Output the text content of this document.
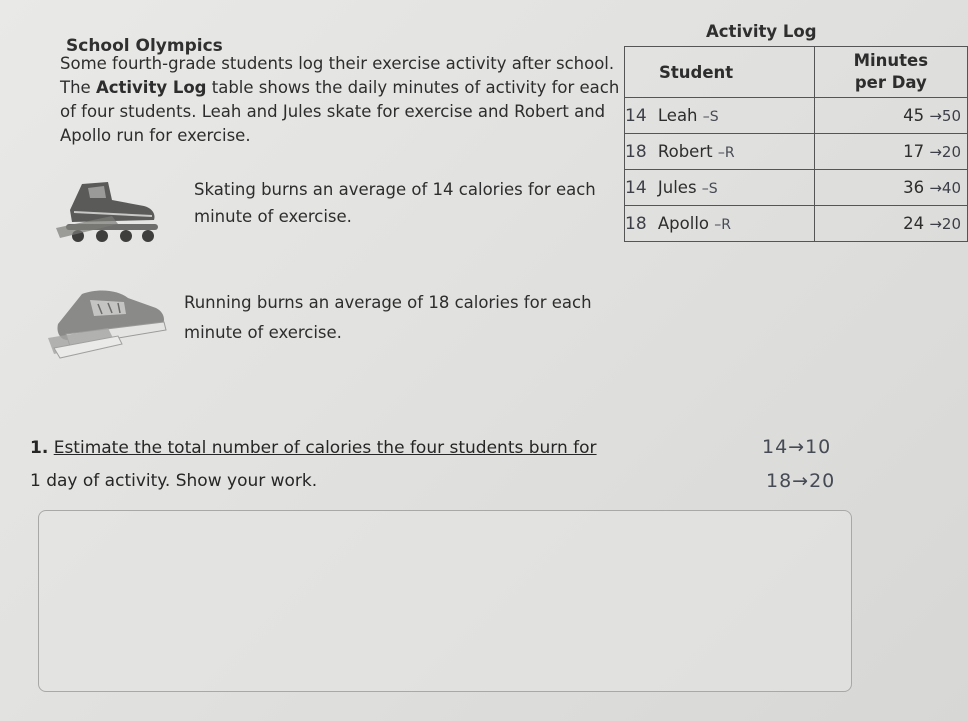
School Olympics
Some fourth-grade students log their exercise activity after school. The Activity Log table shows the daily minutes of activity for each of four students. Leah and Jules skate for exercise and Robert and Apollo run for exercise.
Skating burns an average of 14 calories for each minute of exercise.
Running burns an average of 18 calories for each minute of exercise.
Activity Log
Student	Minutes
per Day
14 Leah –S	45 →50
18 Robert –R	17 →20
14 Jules –S	36 →40
18 Apollo –R	24 →20
1. Estimate the total number of calories the four students burn for
1 day of activity. Show your work.
14→10
18→20
